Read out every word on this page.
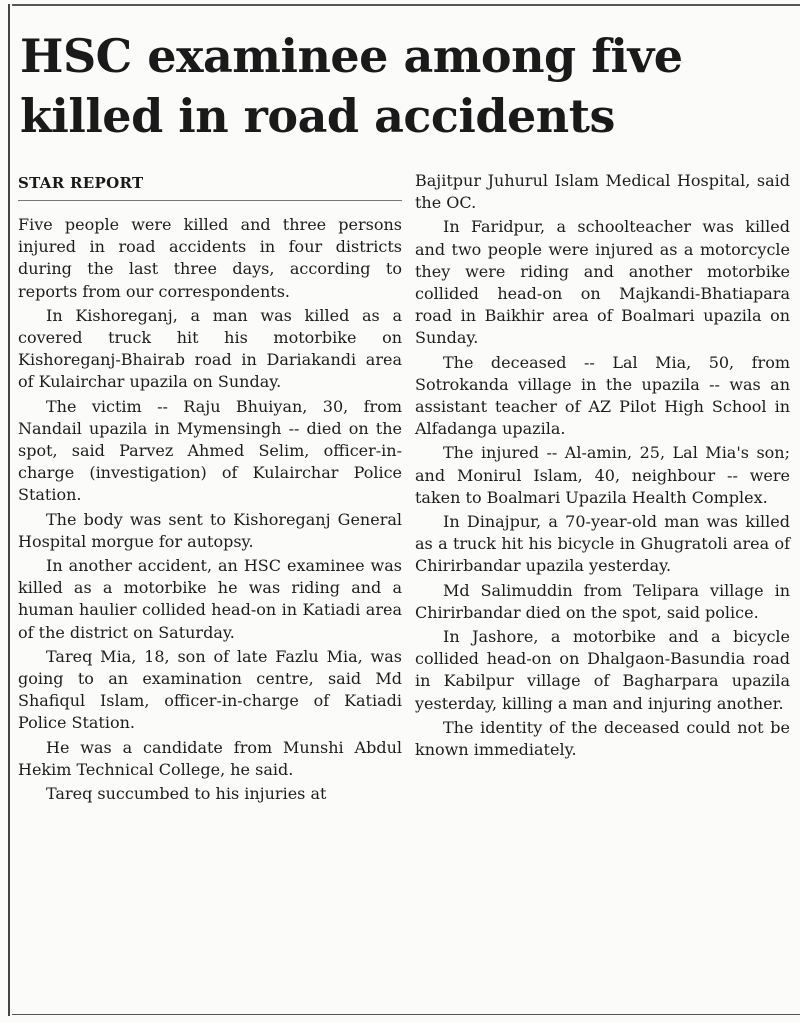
HSC examinee among five
killed in road accidents
STAR REPORT

Five people were killed and three persons injured in road accidents in four districts during the last three days, according to reports from our correspondents.

In Kishoreganj, a man was killed as a covered truck hit his motorbike on Kishoreganj-Bhairab road in Dariakandi area of Kulairchar upazila on Sunday.

The victim -- Raju Bhuiyan, 30, from Nandail upazila in Mymensingh -- died on the spot, said Parvez Ahmed Selim, officer-in-charge (investigation) of Kulairchar Police Station.

The body was sent to Kishoreganj General Hospital morgue for autopsy.

In another accident, an HSC examinee was killed as a motorbike he was riding and a human haulier collided head-on in Katiadi area of the district on Saturday.

Tareq Mia, 18, son of late Fazlu Mia, was going to an examination centre, said Md Shafiqul Islam, officer-in-charge of Katiadi Police Station.

He was a candidate from Munshi Abdul Hekim Technical College, he said.

Tareq succumbed to his injuries at

Bajitpur Juhurul Islam Medical Hospital, said the OC.

In Faridpur, a schoolteacher was killed and two people were injured as a motorcycle they were riding and another motorbike collided head-on on Majkandi-Bhatiapara road in Baikhir area of Boalmari upazila on Sunday.

The deceased -- Lal Mia, 50, from Sotrokanda village in the upazila -- was an assistant teacher of AZ Pilot High School in Alfadanga upazila.

The injured -- Al-amin, 25, Lal Mia's son; and Monirul Islam, 40, neighbour -- were taken to Boalmari Upazila Health Complex.

In Dinajpur, a 70-year-old man was killed as a truck hit his bicycle in Ghugratoli area of Chirirbandar upazila yesterday.

Md Salimuddin from Telipara village in Chirirbandar died on the spot, said police.

In Jashore, a motorbike and a bicycle collided head-on on Dhalgaon-Basundia road in Kabilpur village of Bagharpara upazila yesterday, killing a man and injuring another.

The identity of the deceased could not be known immediately.
